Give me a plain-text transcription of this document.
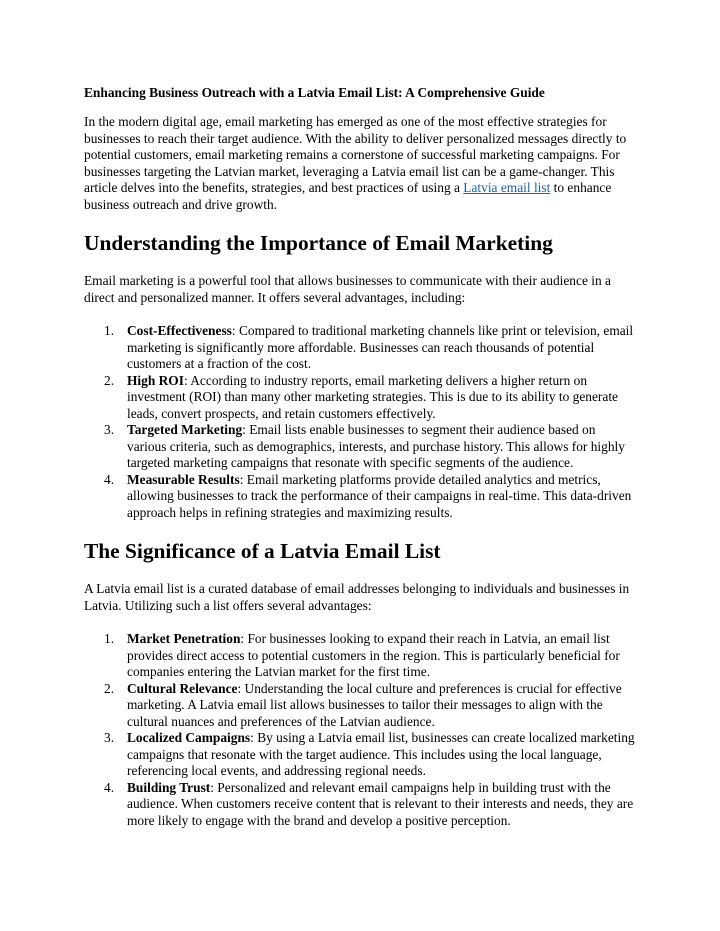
Enhancing Business Outreach with a Latvia Email List: A Comprehensive Guide

In the modern digital age, email marketing has emerged as one of the most effective strategies for businesses to reach their target audience. With the ability to deliver personalized messages directly to potential customers, email marketing remains a cornerstone of successful marketing campaigns. For businesses targeting the Latvian market, leveraging a Latvia email list can be a game-changer. This article delves into the benefits, strategies, and best practices of using a Latvia email list to enhance business outreach and drive growth.

Understanding the Importance of Email Marketing

Email marketing is a powerful tool that allows businesses to communicate with their audience in a direct and personalized manner. It offers several advantages, including:

1. Cost-Effectiveness: Compared to traditional marketing channels like print or television, email marketing is significantly more affordable. Businesses can reach thousands of potential customers at a fraction of the cost.
2. High ROI: According to industry reports, email marketing delivers a higher return on investment (ROI) than many other marketing strategies. This is due to its ability to generate leads, convert prospects, and retain customers effectively.
3. Targeted Marketing: Email lists enable businesses to segment their audience based on various criteria, such as demographics, interests, and purchase history. This allows for highly targeted marketing campaigns that resonate with specific segments of the audience.
4. Measurable Results: Email marketing platforms provide detailed analytics and metrics, allowing businesses to track the performance of their campaigns in real-time. This data-driven approach helps in refining strategies and maximizing results.
The Significance of a Latvia Email List

A Latvia email list is a curated database of email addresses belonging to individuals and businesses in Latvia. Utilizing such a list offers several advantages:

1. Market Penetration: For businesses looking to expand their reach in Latvia, an email list provides direct access to potential customers in the region. This is particularly beneficial for companies entering the Latvian market for the first time.
2. Cultural Relevance: Understanding the local culture and preferences is crucial for effective marketing. A Latvia email list allows businesses to tailor their messages to align with the cultural nuances and preferences of the Latvian audience.
3. Localized Campaigns: By using a Latvia email list, businesses can create localized marketing campaigns that resonate with the target audience. This includes using the local language, referencing local events, and addressing regional needs.
4. Building Trust: Personalized and relevant email campaigns help in building trust with the audience. When customers receive content that is relevant to their interests and needs, they are more likely to engage with the brand and develop a positive perception.
